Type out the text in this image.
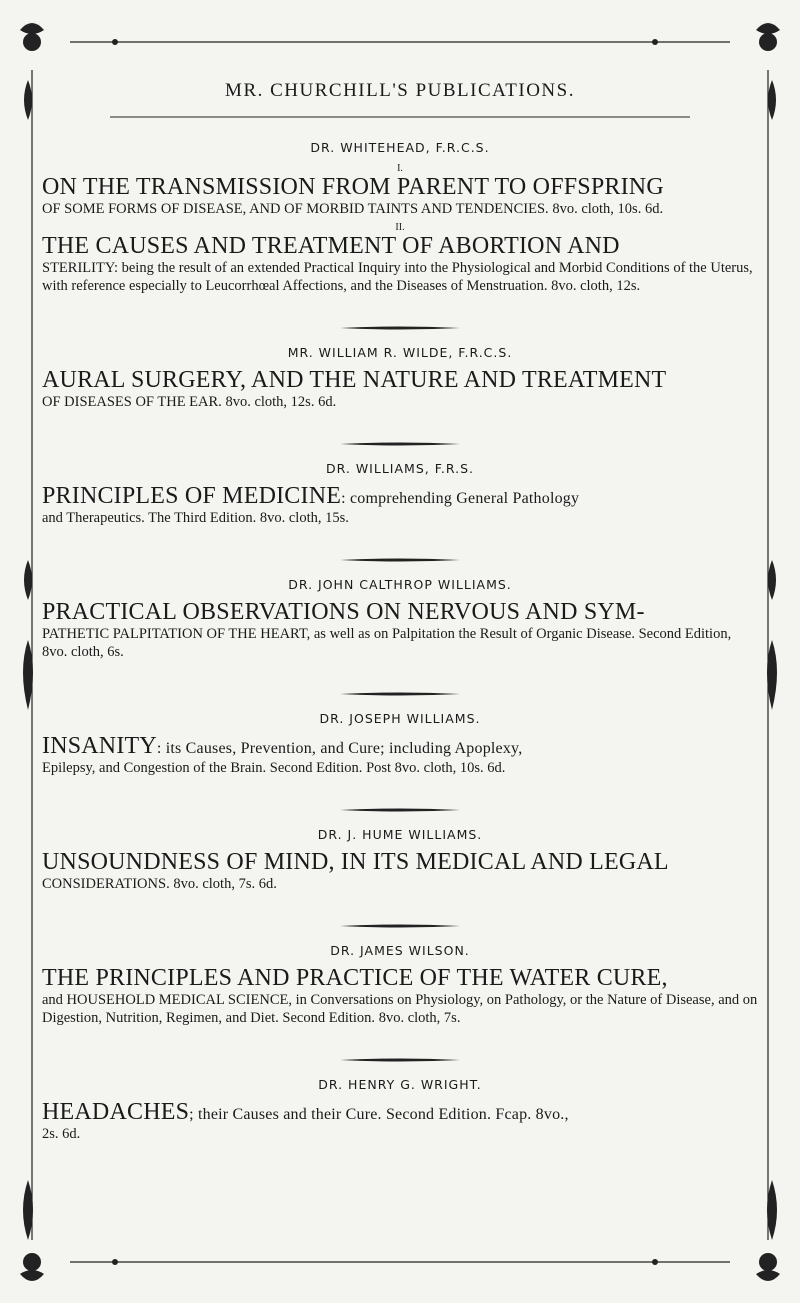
MR. CHURCHILL'S PUBLICATIONS.
DR. WHITEHEAD, F.R.C.S.
I.
ON THE TRANSMISSION FROM PARENT TO OFFSPRING
OF SOME FORMS OF DISEASE, AND OF MORBID TAINTS AND TENDENCIES. 8vo. cloth, 10s. 6d.
II.
THE CAUSES AND TREATMENT OF ABORTION AND
STERILITY: being the result of an extended Practical Inquiry into the Physiological and Morbid Conditions of the Uterus, with reference especially to Leucorrhœal Affections, and the Diseases of Menstruation. 8vo. cloth, 12s.
MR. WILLIAM R. WILDE, F.R.C.S.
AURAL SURGERY, AND THE NATURE AND TREATMENT
OF DISEASES OF THE EAR. 8vo. cloth, 12s. 6d.
DR. WILLIAMS, F.R.S.
PRINCIPLES OF MEDICINE: comprehending General Pathology
and Therapeutics. The Third Edition. 8vo. cloth, 15s.
DR. JOHN CALTHROP WILLIAMS.
PRACTICAL OBSERVATIONS ON NERVOUS AND SYM-
PATHETIC PALPITATION OF THE HEART, as well as on Palpitation the Result of Organic Disease. Second Edition, 8vo. cloth, 6s.
DR. JOSEPH WILLIAMS.
INSANITY: its Causes, Prevention, and Cure; including Apoplexy,
Epilepsy, and Congestion of the Brain. Second Edition. Post 8vo. cloth, 10s. 6d.
DR. J. HUME WILLIAMS.
UNSOUNDNESS OF MIND, IN ITS MEDICAL AND LEGAL
CONSIDERATIONS. 8vo. cloth, 7s. 6d.
DR. JAMES WILSON.
THE PRINCIPLES AND PRACTICE OF THE WATER CURE,
and HOUSEHOLD MEDICAL SCIENCE, in Conversations on Physiology, on Pathology, or the Nature of Disease, and on Digestion, Nutrition, Regimen, and Diet. Second Edition. 8vo. cloth, 7s.
DR. HENRY G. WRIGHT.
HEADACHES; their Causes and their Cure. Second Edition. Fcap. 8vo.,
2s. 6d.
